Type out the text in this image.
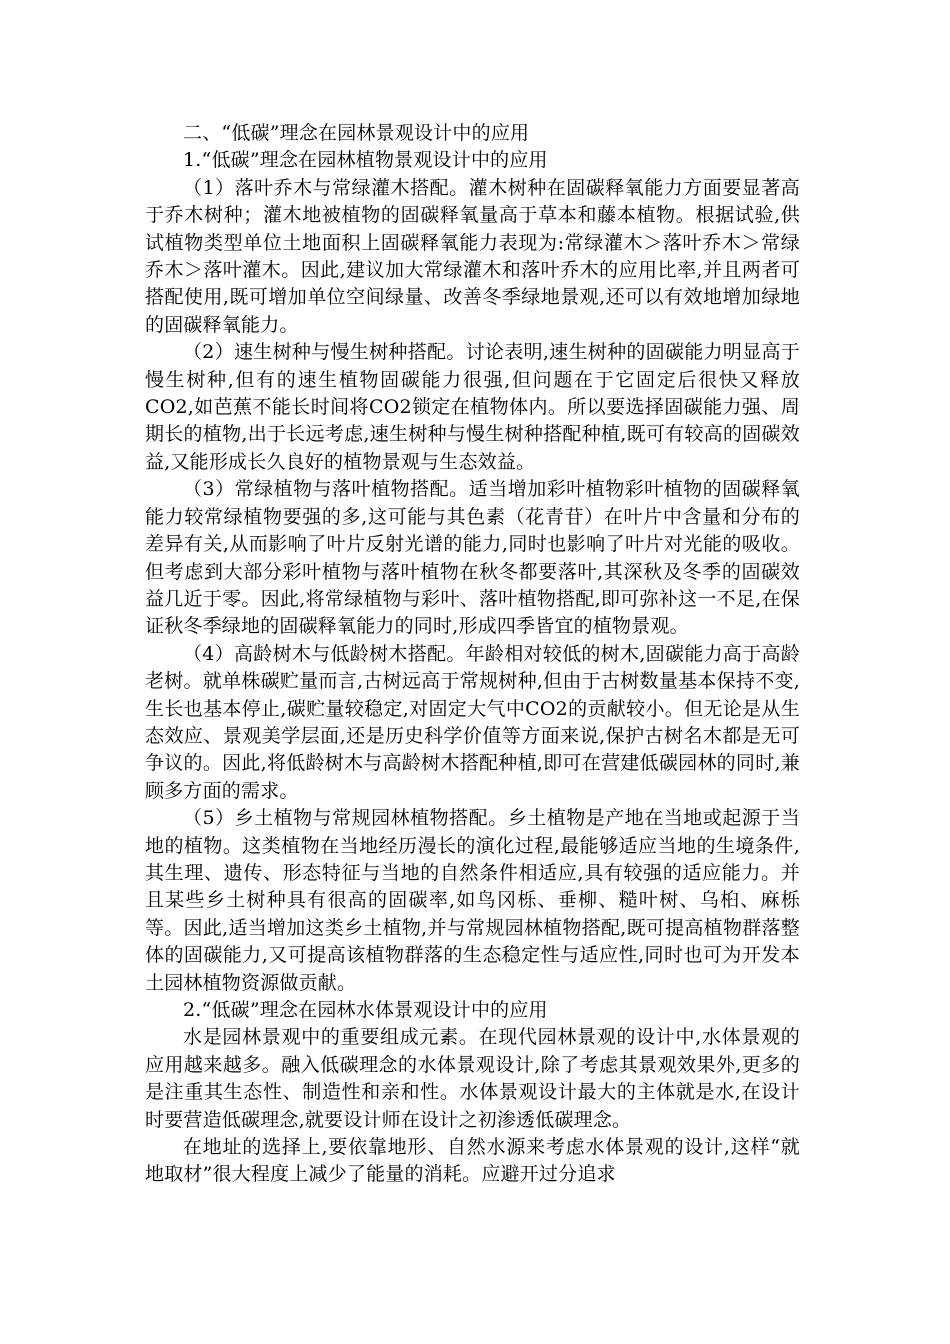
二、“低碳”理念在园林景观设计中的应用

1.“低碳”理念在园林植物景观设计中的应用

（1）落叶乔木与常绿灌木搭配。灌木树种在固碳释氧能力方面要显著高于乔木树种；灌木地被植物的固碳释氧量高于草本和藤本植物。根据试验,供试植物类型单位土地面积上固碳释氧能力表现为:常绿灌木＞落叶乔木＞常绿乔木＞落叶灌木。因此,建议加大常绿灌木和落叶乔木的应用比率,并且两者可搭配使用,既可增加单位空间绿量、改善冬季绿地景观,还可以有效地增加绿地的固碳释氧能力。

（2）速生树种与慢生树种搭配。讨论表明,速生树种的固碳能力明显高于慢生树种,但有的速生植物固碳能力很强,但问题在于它固定后很快又释放CO2,如芭蕉不能长时间将CO2锁定在植物体内。所以要选择固碳能力强、周期长的植物,出于长远考虑,速生树种与慢生树种搭配种植,既可有较高的固碳效益,又能形成长久良好的植物景观与生态效益。

（3）常绿植物与落叶植物搭配。适当增加彩叶植物彩叶植物的固碳释氧能力较常绿植物要强的多,这可能与其色素（花青苷）在叶片中含量和分布的差异有关,从而影响了叶片反射光谱的能力,同时也影响了叶片对光能的吸收。但考虑到大部分彩叶植物与落叶植物在秋冬都要落叶,其深秋及冬季的固碳效益几近于零。因此,将常绿植物与彩叶、落叶植物搭配,即可弥补这一不足,在保证秋冬季绿地的固碳释氧能力的同时,形成四季皆宜的植物景观。

（4）高龄树木与低龄树木搭配。年龄相对较低的树木,固碳能力高于高龄老树。就单株碳贮量而言,古树远高于常规树种,但由于古树数量基本保持不变,生长也基本停止,碳贮量较稳定,对固定大气中CO2的贡献较小。但无论是从生态效应、景观美学层面,还是历史科学价值等方面来说,保护古树名木都是无可争议的。因此,将低龄树木与高龄树木搭配种植,即可在营建低碳园林的同时,兼顾多方面的需求。

（5）乡土植物与常规园林植物搭配。乡土植物是产地在当地或起源于当地的植物。这类植物在当地经历漫长的演化过程,最能够适应当地的生境条件,其生理、遗传、形态特征与当地的自然条件相适应,具有较强的适应能力。并且某些乡土树种具有很高的固碳率,如鸟冈栎、垂柳、糙叶树、乌桕、麻栎等。因此,适当增加这类乡土植物,并与常规园林植物搭配,既可提高植物群落整体的固碳能力,又可提高该植物群落的生态稳定性与适应性,同时也可为开发本土园林植物资源做贡献。

2.“低碳”理念在园林水体景观设计中的应用

水是园林景观中的重要组成元素。在现代园林景观的设计中,水体景观的应用越来越多。融入低碳理念的水体景观设计,除了考虑其景观效果外,更多的是注重其生态性、制造性和亲和性。水体景观设计最大的主体就是水,在设计时要营造低碳理念,就要设计师在设计之初渗透低碳理念。

在地址的选择上,要依靠地形、自然水源来考虑水体景观的设计,这样“就地取材”很大程度上减少了能量的消耗。应避开过分追求
